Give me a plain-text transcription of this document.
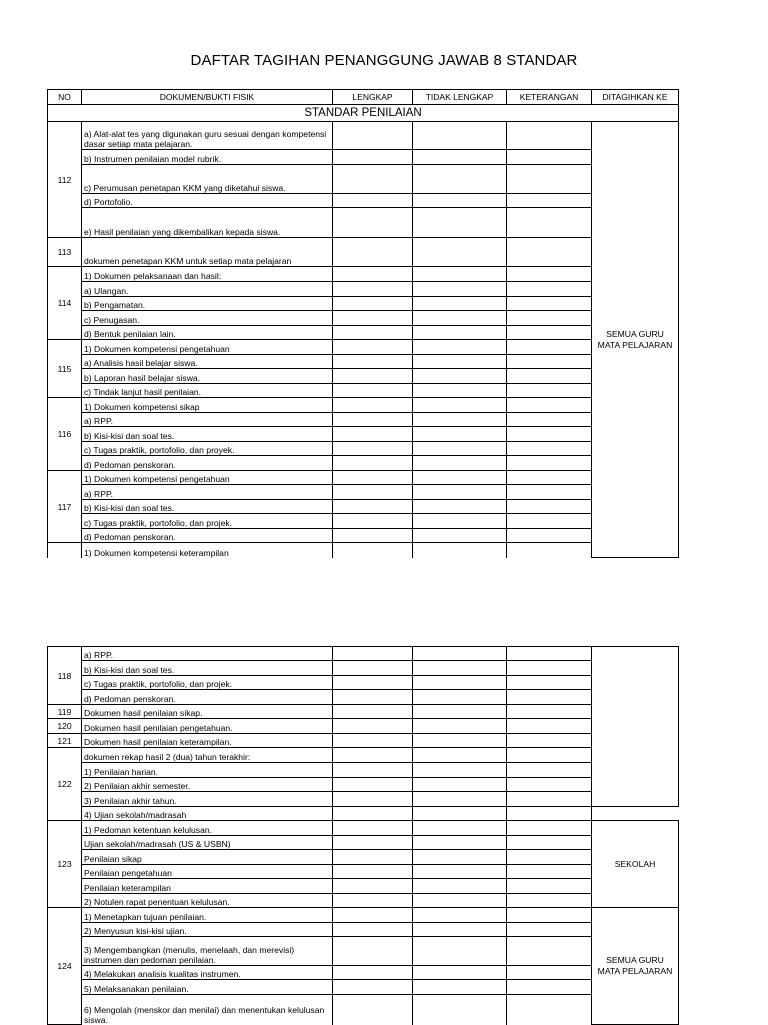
DAFTAR TAGIHAN PENANGGUNG JAWAB 8 STANDAR
NO	DOKUMEN/BUKTI FISIK	LENGKAP	TIDAK LENGKAP	KETERANGAN	DITAGIHKAN KE
STANDAR PENILAIAN					
112	a) Alat-alat tes yang digunakan guru sesuai dengan kompetensi dasar setiap mata pelajaran.				SEMUA GURU MATA PELAJARAN
	b) Instrumen penilaian model rubrik.				
	c) Perumusan penetapan KKM yang diketahui siswa.				
	d) Portofolio.				
	e) Hasil penilaian yang dikembalikan kepada siswa.				
113	dokumen penetapan KKM untuk setiap mata pelajaran				
114	1) Dokumen pelaksanaan dan hasil:				
	a) Ulangan.				
	b) Pengamatan.				
	c) Penugasan.				
	d) Bentuk penilaian lain.				
115	1) Dokumen kompetensi pengetahuan				
	a) Analisis hasil belajar siswa.				
	b) Laporan hasil belajar siswa.				
	c) Tindak lanjut hasil penilaian.				
116	1) Dokumen kompetensi sikap				
	a) RPP.				
	b) Kisi-kisi dan soal tes.				
	c) Tugas praktik, portofolio, dan proyek.				
	d) Pedoman penskoran.				
117	1) Dokumen kompetensi pengetahuan				
	a) RPP.				
	b) Kisi-kisi dan soal tes.				
	c) Tugas praktik, portofolio, dan projek.				
	d) Pedoman penskoran.				
	1) Dokumen kompetensi keterampilan				
118	a) RPP.				
	b) Kisi-kisi dan soal tes.				
	c) Tugas praktik, portofolio, dan projek.				
	d) Pedoman penskoran.				
119	Dokumen hasil penilaian sikap.				
120	Dokumen hasil penilaian pengetahuan.				
121	Dokumen hasil penilaian keterampilan.				
122	dokumen rekap hasil 2 (dua) tahun terakhir:				
	1) Penilaian harian.				
	2) Penilaian akhir semester.				
	3) Penilaian akhir tahun.				
	4) Ujian sekolah/madrasah				
123	1) Pedoman ketentuan kelulusan.				SEKOLAH
	Ujian sekolah/madrasah (US & USBN)				
	Penilaian sikap				
	Penilaian pengetahuan				
	Penilaian keterampilan				
	2) Notulen rapat penentuan kelulusan.				
124	1) Menetapkan tujuan penilaian.				SEMUA GURU MATA PELAJARAN
	2) Menyusun kisi-kisi ujian.				
	3) Mengembangkan (menulis, menelaah, dan merevisi) instrumen dan pedoman penilaian.				
	4) Melakukan analisis kualitas instrumen.				
	5) Melaksanakan penilaian.				
	6) Mengolah (menskor dan menilai) dan menentukan kelulusan siswa.				
